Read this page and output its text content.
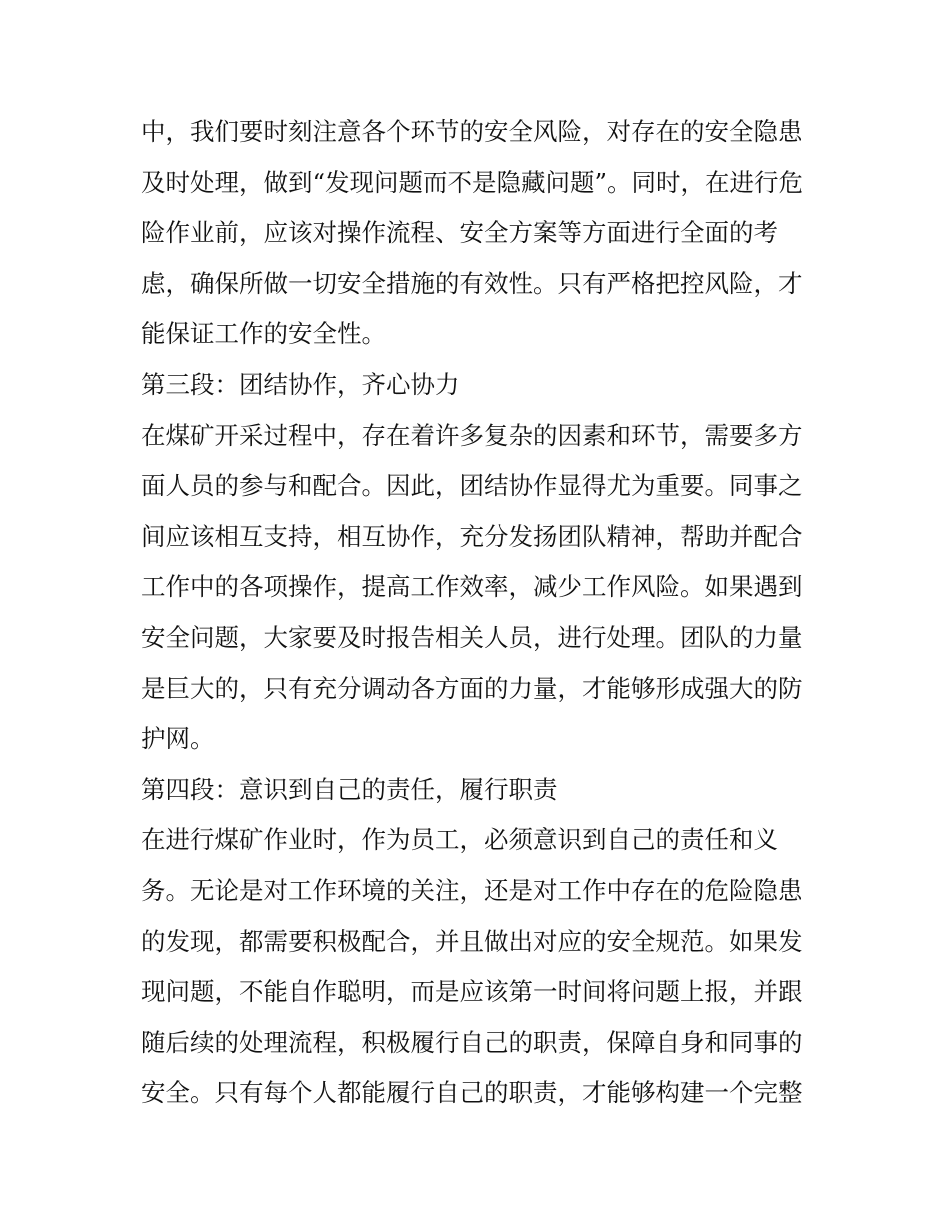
中，我们要时刻注意各个环节的安全风险，对存在的安全隐患

及时处理，做到“发现问题而不是隐藏问题”。同时，在进行危

险作业前，应该对操作流程、安全方案等方面进行全面的考

虑，确保所做一切安全措施的有效性。只有严格把控风险，才

能保证工作的安全性。

第三段：团结协作，齐心协力

在煤矿开采过程中，存在着许多复杂的因素和环节，需要多方

面人员的参与和配合。因此，团结协作显得尤为重要。同事之

间应该相互支持，相互协作，充分发扬团队精神，帮助并配合

工作中的各项操作，提高工作效率，减少工作风险。如果遇到

安全问题，大家要及时报告相关人员，进行处理。团队的力量

是巨大的，只有充分调动各方面的力量，才能够形成强大的防

护网。

第四段：意识到自己的责任，履行职责

在进行煤矿作业时，作为员工，必须意识到自己的责任和义

务。无论是对工作环境的关注，还是对工作中存在的危险隐患

的发现，都需要积极配合，并且做出对应的安全规范。如果发

现问题，不能自作聪明，而是应该第一时间将问题上报，并跟

随后续的处理流程，积极履行自己的职责，保障自身和同事的

安全。只有每个人都能履行自己的职责，才能够构建一个完整
